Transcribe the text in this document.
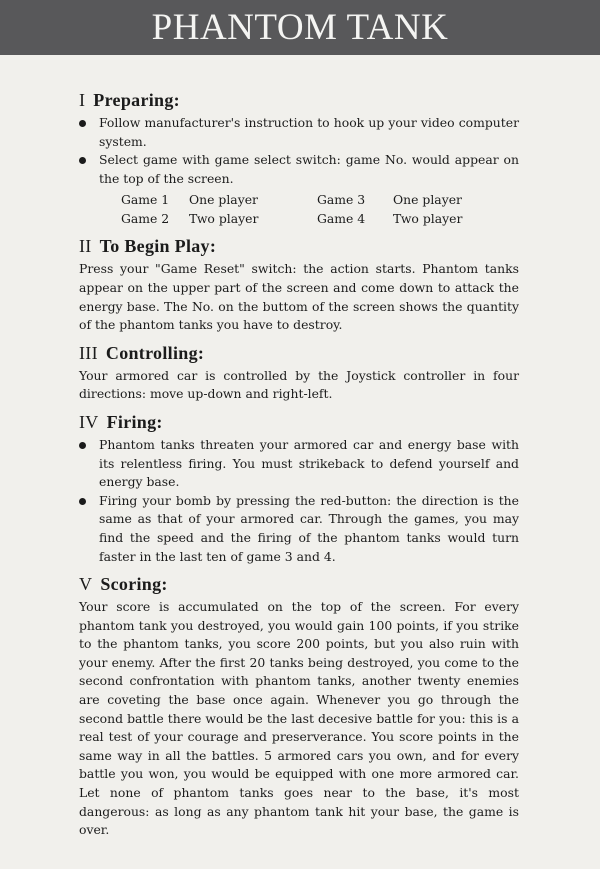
PHANTOM TANK
I Preparing:
Follow manufacturer's instruction to hook up your video computer system.
Select game with game select switch: game No. would appear on the top of the screen.
Game 1	One player	Game 3	One player
Game 2	Two player	Game 4	Two player
II To Begin Play:

Press your "Game Reset" switch: the action starts. Phantom tanks appear on the upper part of the screen and come down to attack the energy base. The No. on the buttom of the screen shows the quantity of the phantom tanks you have to destroy.

III Controlling:

Your armored car is controlled by the Joystick controller in four directions: move up-down and right-left.

IV Firing:
Phantom tanks threaten your armored car and energy base with its relentless firing. You must strikeback to defend yourself and energy base.
Firing your bomb by pressing the red-button: the direction is the same as that of your armored car. Through the games, you may find the speed and the firing of the phantom tanks would turn faster in the last ten of game 3 and 4.
V Scoring:

Your score is accumulated on the top of the screen. For every phantom tank you destroyed, you would gain 100 points, if you strike to the phantom tanks, you score 200 points, but you also ruin with your enemy. After the first 20 tanks being destroyed, you come to the second confrontation with phantom tanks, another twenty enemies are coveting the base once again. Whenever you go through the second battle there would be the last decesive battle for you: this is a real test of your courage and preserverance. You score points in the same way in all the battles. 5 armored cars you own, and for every battle you won, you would be equipped with one more armored car. Let none of phantom tanks goes near to the base, it's most dangerous: as long as any phantom tank hit your base, the game is over.
